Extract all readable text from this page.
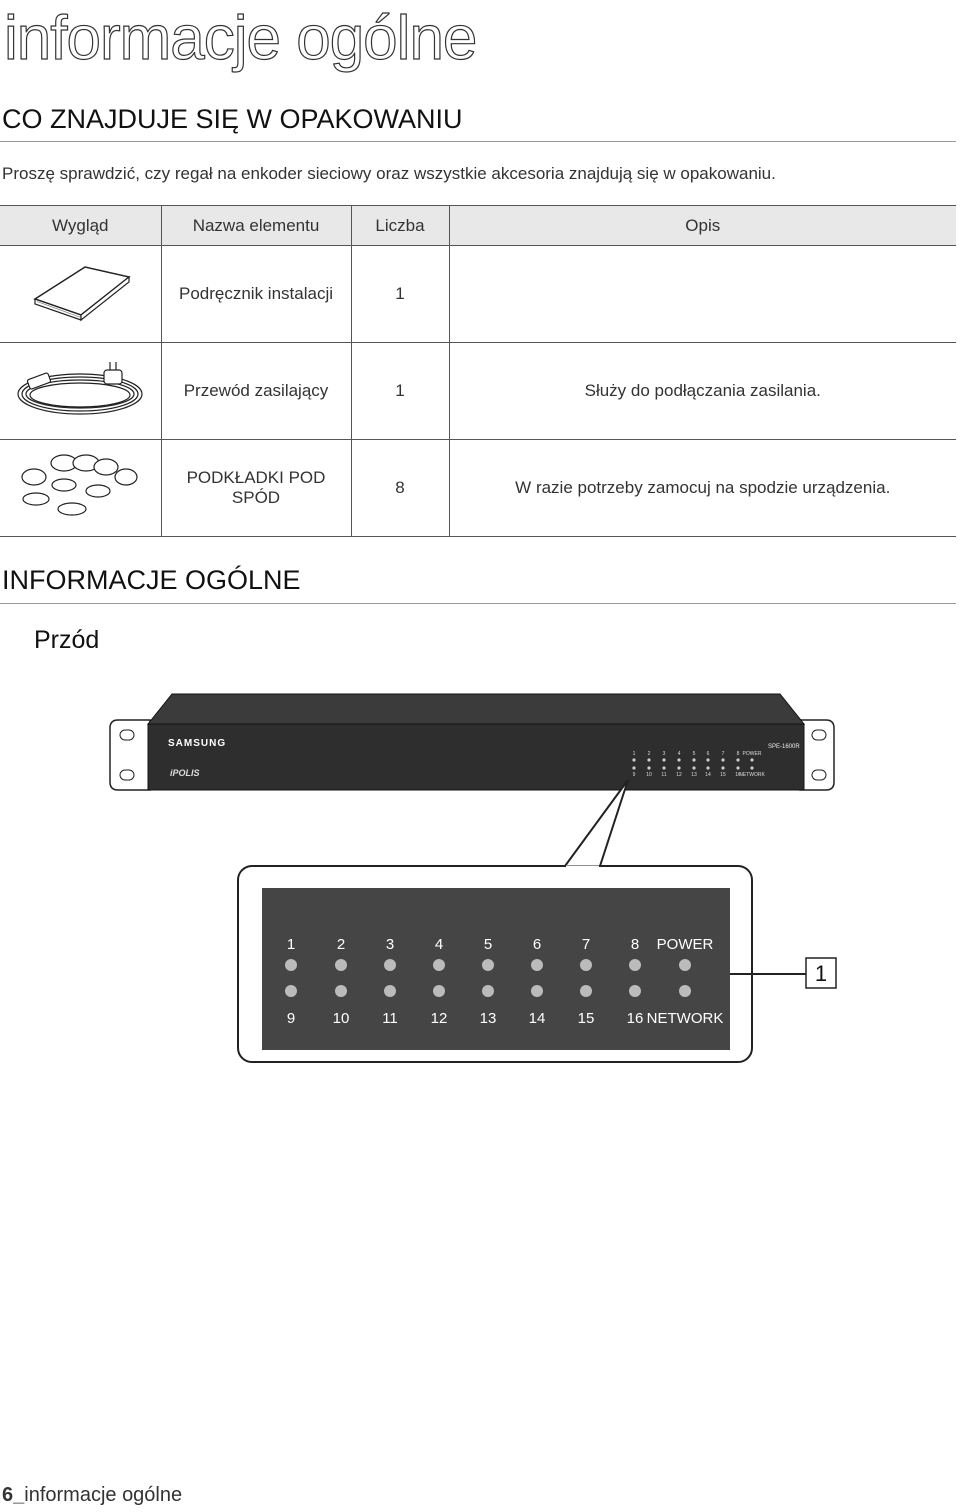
informacje ogólne
CO ZNAJDUJE SIĘ W OPAKOWANIU
Proszę sprawdzić, czy regał na enkoder sieciowy oraz wszystkie akcesoria znajdują się w opakowaniu.
Wygląd	Nazwa elementu	Liczba	Opis
	Podręcznik instalacji	1	
	Przewód zasilający	1	Służy do podłączania zasilania.
	PODKŁADKI POD SPÓD	8	W razie potrzeby zamocuj na spodzie urządzenia.
INFORMACJE OGÓLNE
Przód
SAMSUNG
iPOLIS
SPE-1600R
1 2 3 4 5 6 7 8 POWER
9 10 11 12 13 14 15 16
NETWORK
1	2	3	4	5	6	7	8 POWER
9 10 11 12 13 14 15 16 NETWORK
1
6_informacje ogólne
